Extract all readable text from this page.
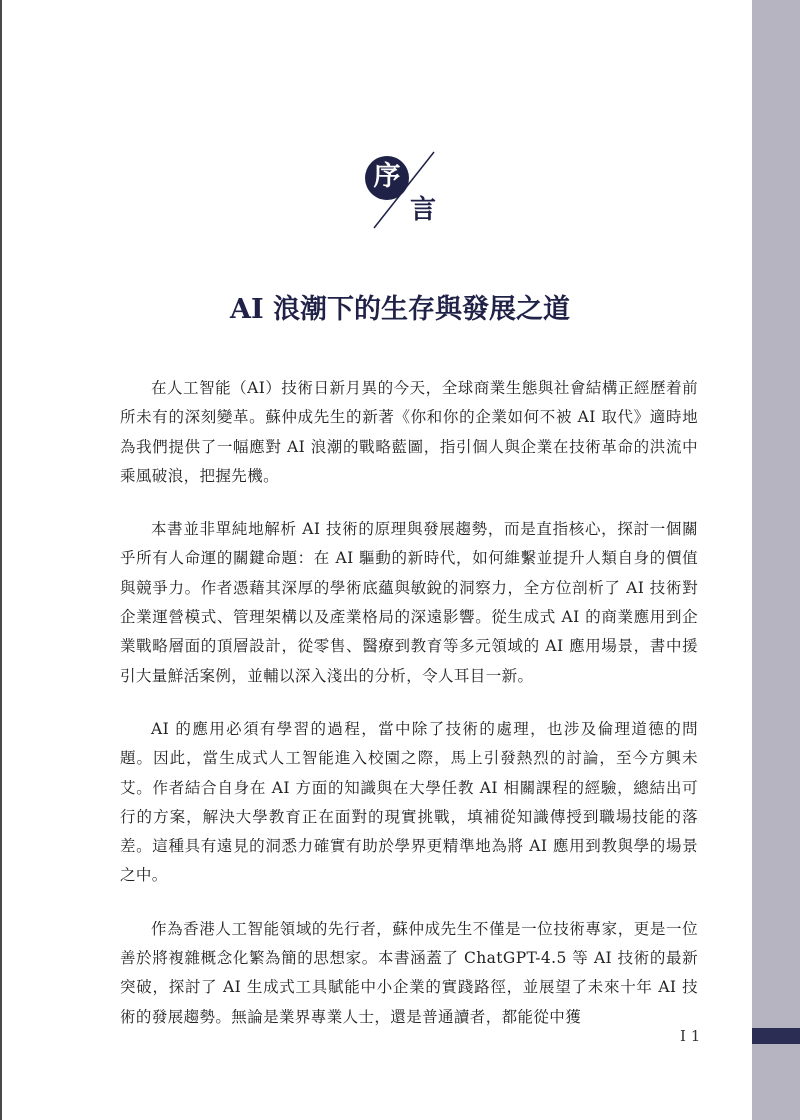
序
言
AI 浪潮下的生存與發展之道

在人工智能（AI）技術日新月異的今天，全球商業生態與社會結構正經歷着前所未有的深刻變革。蘇仲成先生的新著《你和你的企業如何不被 AI 取代》適時地為我們提供了一幅應對 AI 浪潮的戰略藍圖，指引個人與企業在技術革命的洪流中乘風破浪，把握先機。

本書並非單純地解析 AI 技術的原理與發展趨勢，而是直指核心，探討一個關乎所有人命運的關鍵命題：在 AI 驅動的新時代，如何維繫並提升人類自身的價值與競爭力。作者憑藉其深厚的學術底蘊與敏銳的洞察力，全方位剖析了 AI 技術對企業運營模式、管理架構以及產業格局的深遠影響。從生成式 AI 的商業應用到企業戰略層面的頂層設計，從零售、醫療到教育等多元領域的 AI 應用場景，書中援引大量鮮活案例，並輔以深入淺出的分析，令人耳目一新。

AI 的應用必須有學習的過程，當中除了技術的處理，也涉及倫理道德的問題。因此，當生成式人工智能進入校園之際，馬上引發熱烈的討論，至今方興未艾。作者結合自身在 AI 方面的知識與在大學任教 AI 相關課程的經驗，總結出可行的方案，解決大學教育正在面對的現實挑戰，填補從知識傳授到職場技能的落差。這種具有遠見的洞悉力確實有助於學界更精準地為將 AI 應用到教與學的場景之中。

作為香港人工智能領域的先行者，蘇仲成先生不僅是一位技術專家，更是一位善於將複雜概念化繁為簡的思想家。本書涵蓋了 ChatGPT-4.5 等 AI 技術的最新突破，探討了 AI 生成式工具賦能中小企業的實踐路徑，並展望了未來十年 AI 技術的發展趨勢。無論是業界專業人士，還是普通讀者，都能從中獲

I 1
